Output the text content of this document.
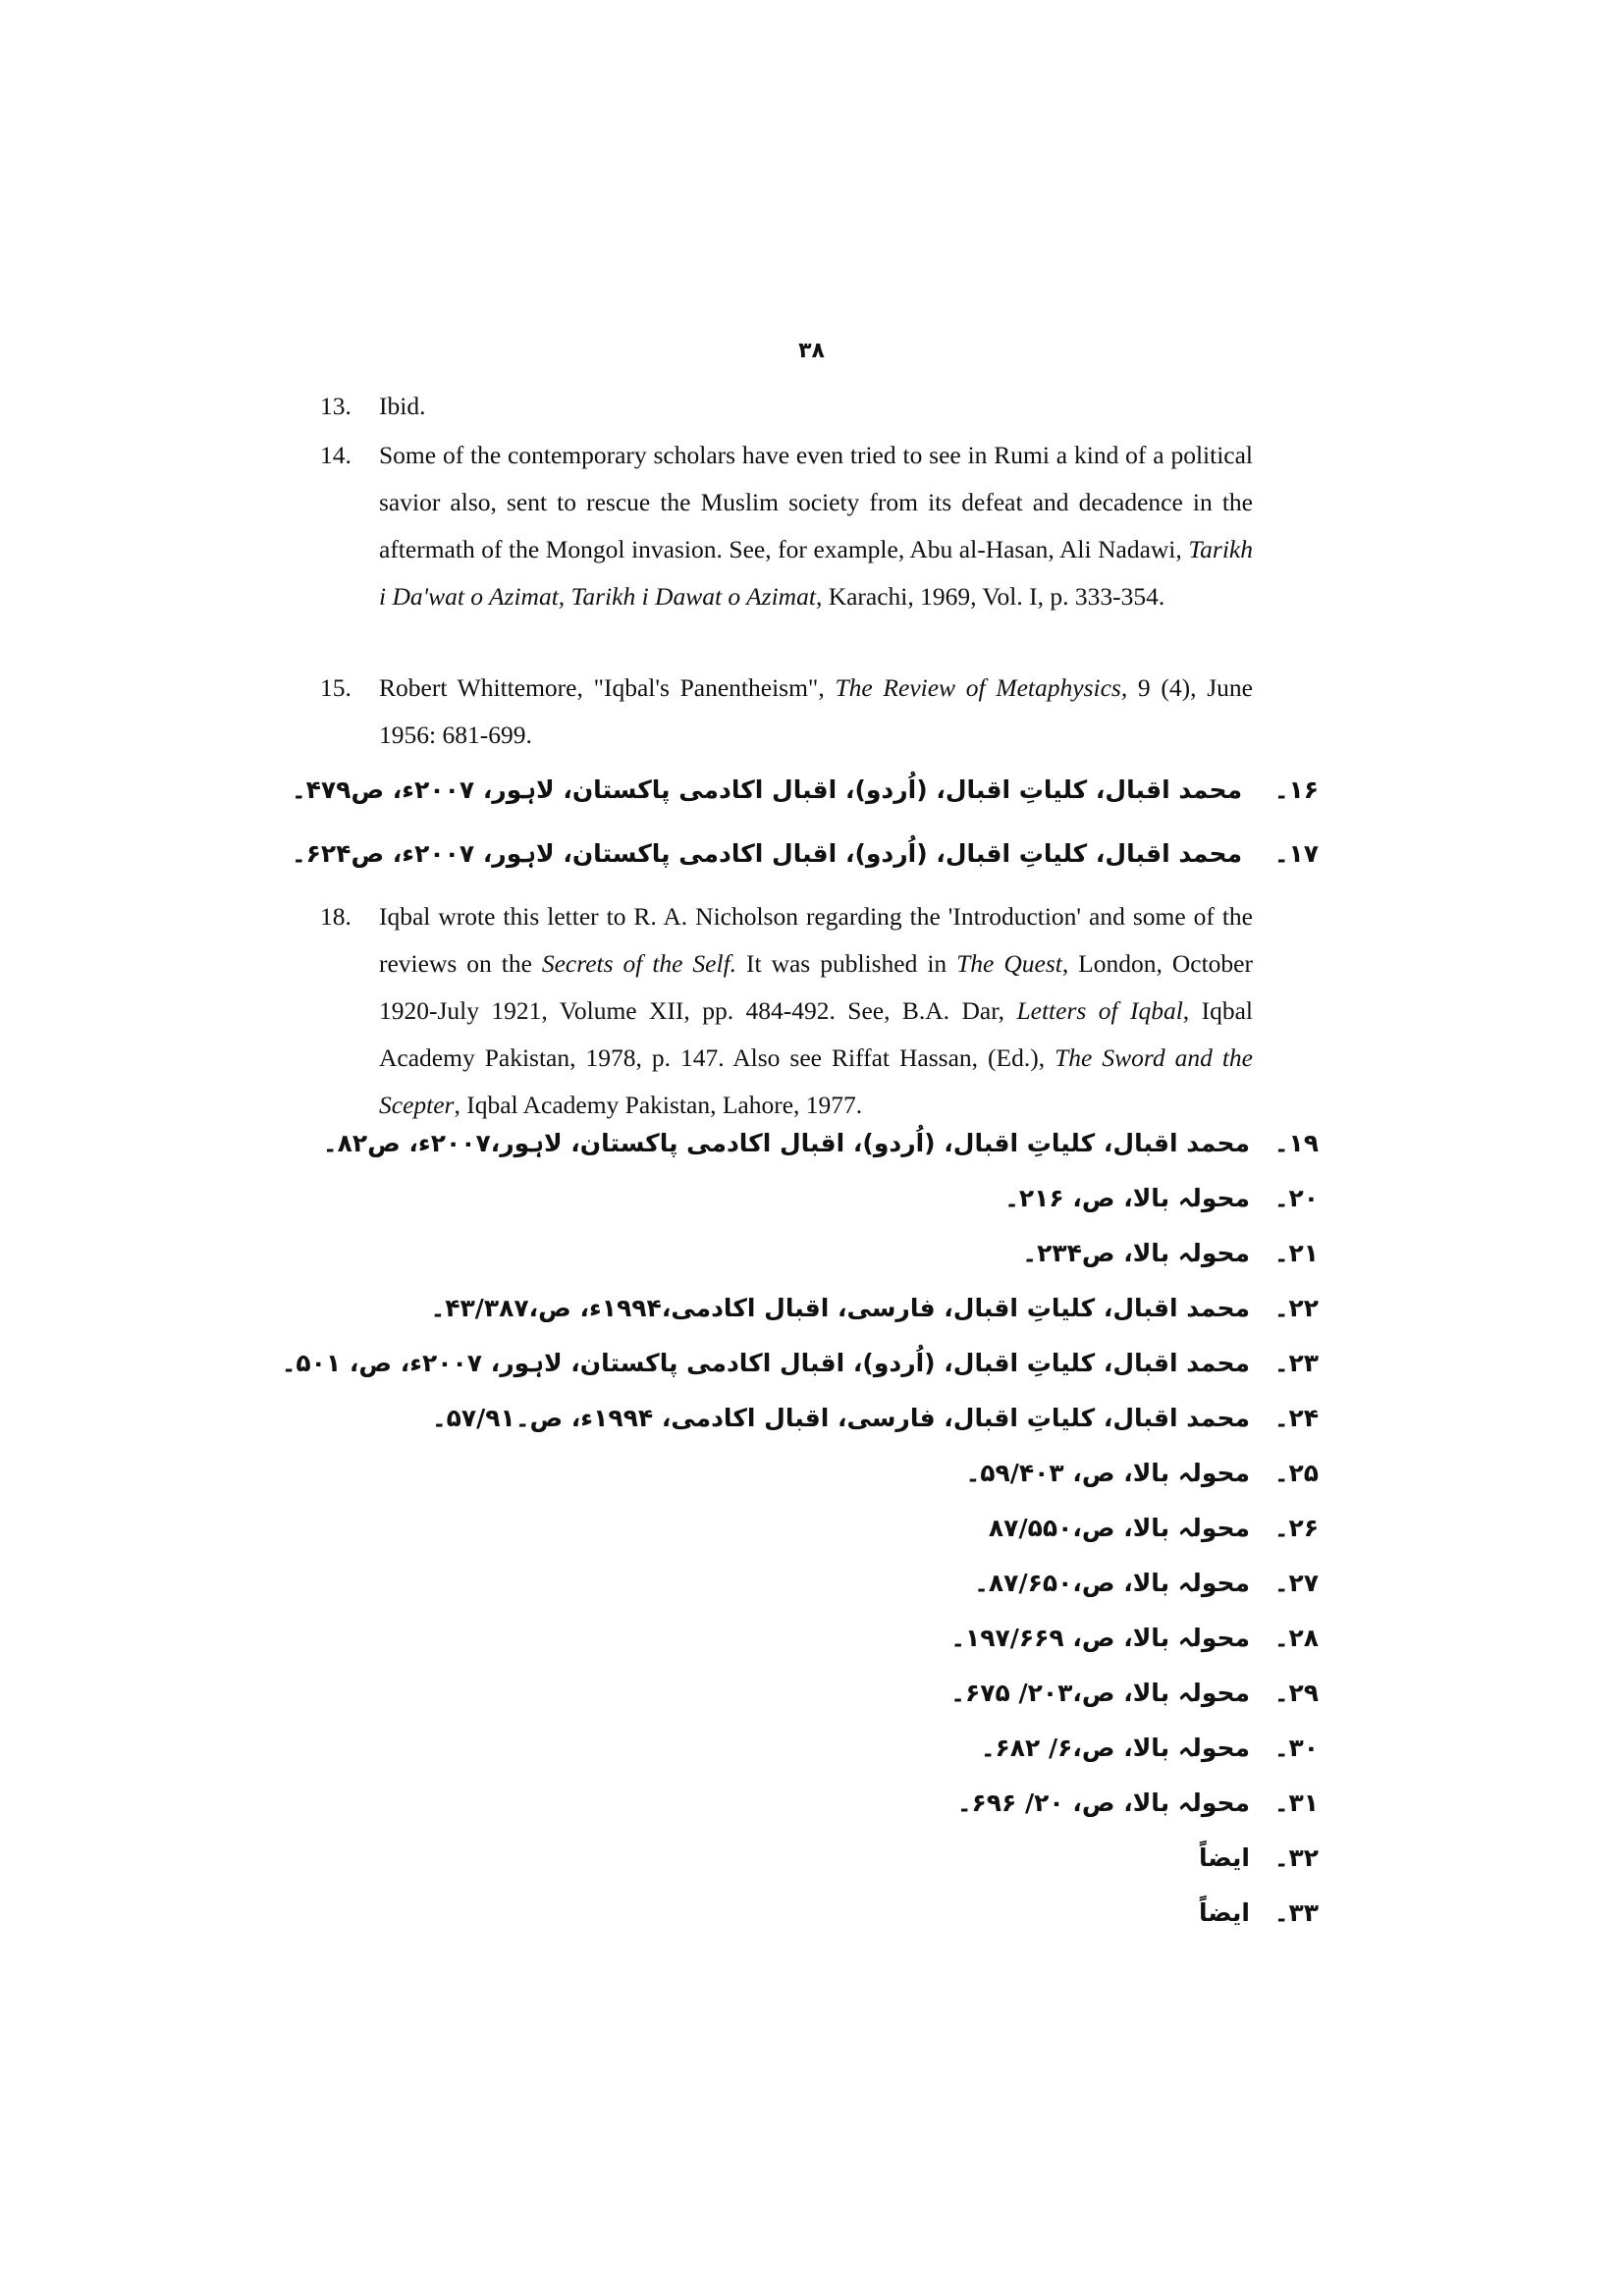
۳۸
13.	Ibid.
14.	Some of the contemporary scholars have even tried to see in Rumi a kind of a political savior also, sent to rescue the Muslim society from its defeat and decadence in the aftermath of the Mongol invasion. See, for example, Abu al-Hasan, Ali Nadawi, Tarikh i Da'wat o Azimat, Tarikh i Dawat o Azimat, Karachi, 1969, Vol. I, p. 333-354.
15.	Robert Whittemore, "Iqbal's Panentheism", The Review of Metaphysics, 9 (4), June 1956: 681-699.
۱۶۔ محمد اقبال، کلیاتِ اقبال، (اُردو)، اقبال اکادمی پاکستان، لاہور، ۲۰۰۷ء، ص۴۷۹۔
۱۷۔ محمد اقبال، کلیاتِ اقبال، (اُردو)، اقبال اکادمی پاکستان، لاہور، ۲۰۰۷ء، ص۶۲۴۔
18.	Iqbal wrote this letter to R. A. Nicholson regarding the 'Introduction' and some of the reviews on the Secrets of the Self. It was published in The Quest, London, October 1920-July 1921, Volume XII, pp. 484-492. See, B.A. Dar, Letters of Iqbal, Iqbal Academy Pakistan, 1978, p. 147. Also see Riffat Hassan, (Ed.), The Sword and the Scepter, Iqbal Academy Pakistan, Lahore, 1977.
۱۹۔محمد اقبال، کلیاتِ اقبال، (اُردو)، اقبال اکادمی پاکستان، لاہور،۲۰۰۷ء، ص۸۲۔
۲۰۔محولہ بالا، ص، ۲۱۶۔
۲۱۔محولہ بالا، ص۲۳۴۔
۲۲۔محمد اقبال، کلیاتِ اقبال، فارسی، اقبال اکادمی،۱۹۹۴ء، ص،۴۳/۳۸۷۔
۲۳۔محمد اقبال، کلیاتِ اقبال، (اُردو)، اقبال اکادمی پاکستان، لاہور، ۲۰۰۷ء، ص، ۵۰۱۔
۲۴۔محمد اقبال، کلیاتِ اقبال، فارسی، اقبال اکادمی، ۱۹۹۴ء، ص۔۵۷/۹۱۔
۲۵۔محولہ بالا، ص، ۵۹/۴۰۳۔
۲۶۔محولہ بالا، ص،۸۷/۵۵۰
۲۷۔محولہ بالا، ص،۸۷/۶۵۰۔
۲۸۔محولہ بالا، ص، ۱۹۷/۶۶۹۔
۲۹۔محولہ بالا، ص،۲۰۳/ ۶۷۵۔
۳۰۔محولہ بالا، ص،۶/ ۶۸۲۔
۳۱۔محولہ بالا، ص، ۲۰/ ۶۹۶۔
۳۲۔ایضاً
۳۳۔ایضاً
